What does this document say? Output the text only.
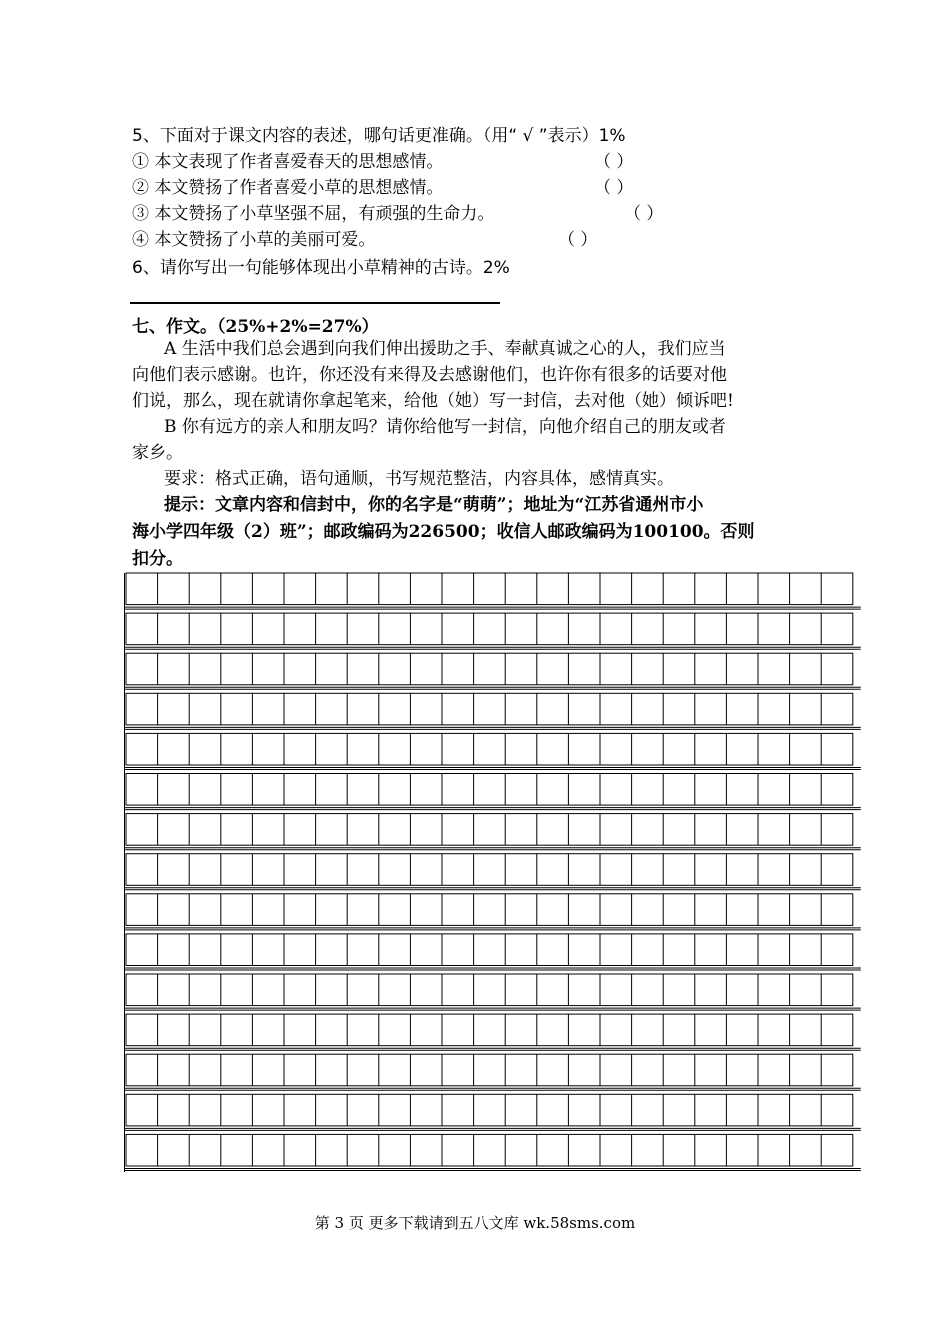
5、下面对于课文内容的表述，哪句话更准确。（用“ √ ”表示）1%
① 本文表现了作者喜爱春天的思想感情。	（ ）
② 本文赞扬了作者喜爱小草的思想感情。	（ ）
③ 本文赞扬了小草坚强不屈，有顽强的生命力。	（ ）
④ 本文赞扬了小草的美丽可爱。	（ ）
6、请你写出一句能够体现出小草精神的古诗。2%
七、作文。（25%+2%=27%）
A 生活中我们总会遇到向我们伸出援助之手、奉献真诚之心的人，我们应当
向他们表示感谢。也许，你还没有来得及去感谢他们，也许你有很多的话要对他
们说，那么，现在就请你拿起笔来，给他（她）写一封信，去对他（她）倾诉吧!
B 你有远方的亲人和朋友吗？请你给他写一封信，向他介绍自己的朋友或者
家乡。
要求：格式正确，语句通顺，书写规范整洁，内容具体，感情真实。
提示：文章内容和信封中，你的名字是“萌萌”；地址为“江苏省通州市小
海小学四年级（2）班”；邮政编码为226500；收信人邮政编码为100100。否则
扣分。
第 3 页 更多下载请到五八文库 wk.58sms.com
